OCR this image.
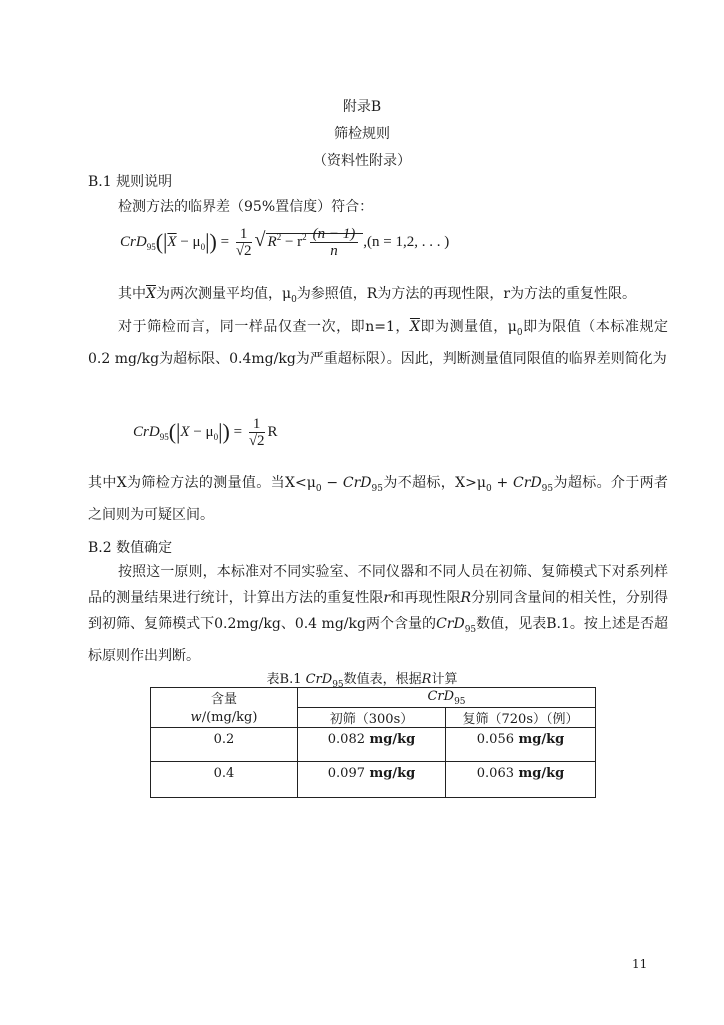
附录B
筛检规则
（资料性附录）
B.1 规则说明
检测方法的临界差（95%置信度）符合：
$CrD_{95}(|\overline{X} - \mu_0|) = \frac{1}{√2}$ √ $R^2 - r^2 \frac{(n - 1)}{n} ,(n = 1,2$, . . . )
其中$\overline{X}$为两次测量平均值，$\mu_0$为参照值，R为方法的再现性限，r为方法的重复性限。
对于筛检而言，同一样品仅查一次，即n=1，$\overline{X}$即为测量值，$\mu_0$即为限值（本标准规定0.2 mg/kg为超标限、0.4mg/kg为严重超标限）。因此，判断测量值同限值的临界差则简化为
$CrD_{95}(|X - \mu_0|) = \frac{1}{√2}$ R
其中X为筛检方法的测量值。当$X<\mu_0 - CrD_{95}$为不超标，$X>\mu_0 + CrD_{95}$为超标。介于两者之间则为可疑区间。
B.2 数值确定
按照这一原则，本标准对不同实验室、不同仪器和不同人员在初筛、复筛模式下对系列样品的测量结果进行统计，计算出方法的重复性限r和再现性限R分别同含量间的相关性，分别得到初筛、复筛模式下0.2mg/kg、0.4 mg/kg两个含量的CrD$_{95}$数值，见表B.1。按上述是否超标原则作出判断。
表B.1 CrD$_{95}$数值表，根据R计算
含量	CrD$_{95}$
w/(mg/kg)	初筛（300s）	复筛（720s）（例）
0.2	0.082 mg/kg	0.056 mg/kg
0.4	0.097 mg/kg	0.063 mg/kg
11
